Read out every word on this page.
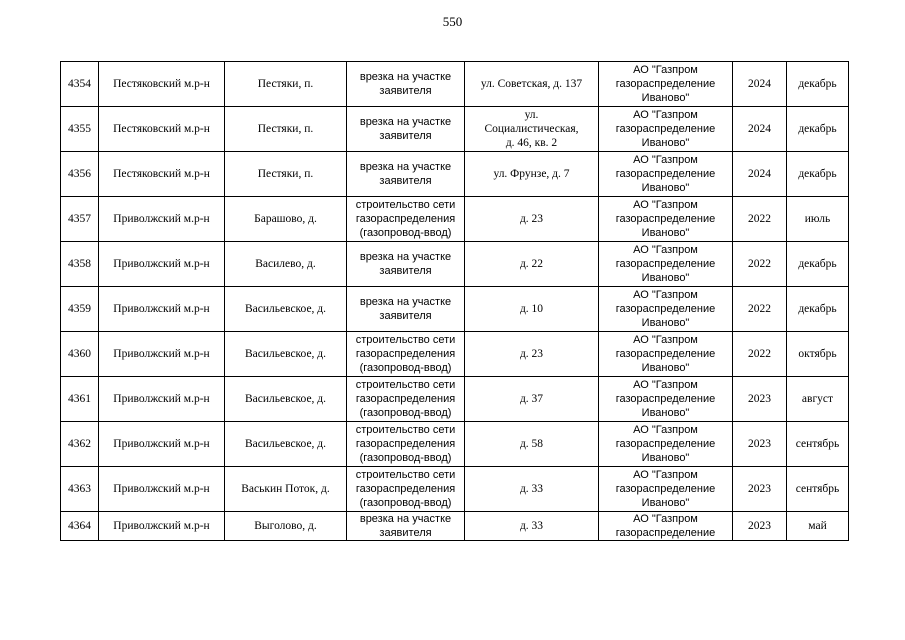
550
4354	Пестяковский м.р-н	Пестяки, п.	врезка на участке
заявителя	ул. Советская, д. 137	АО "Газпром
газораспределение
Иваново"	2024	декабрь
4355	Пестяковский м.р-н	Пестяки, п.	врезка на участке
заявителя	ул.
Социалистическая,
д. 46, кв. 2	АО "Газпром
газораспределение
Иваново"	2024	декабрь
4356	Пестяковский м.р-н	Пестяки, п.	врезка на участке
заявителя	ул. Фрунзе, д. 7	АО "Газпром
газораспределение
Иваново"	2024	декабрь
4357	Приволжский м.р-н	Барашово, д.	строительство сети
газораспределения
(газопровод-ввод)	д. 23	АО "Газпром
газораспределение
Иваново"	2022	июль
4358	Приволжский м.р-н	Василево, д.	врезка на участке
заявителя	д. 22	АО "Газпром
газораспределение
Иваново"	2022	декабрь
4359	Приволжский м.р-н	Васильевское, д.	врезка на участке
заявителя	д. 10	АО "Газпром
газораспределение
Иваново"	2022	декабрь
4360	Приволжский м.р-н	Васильевское, д.	строительство сети
газораспределения
(газопровод-ввод)	д. 23	АО "Газпром
газораспределение
Иваново"	2022	октябрь
4361	Приволжский м.р-н	Васильевское, д.	строительство сети
газораспределения
(газопровод-ввод)	д. 37	АО "Газпром
газораспределение
Иваново"	2023	август
4362	Приволжский м.р-н	Васильевское, д.	строительство сети
газораспределения
(газопровод-ввод)	д. 58	АО "Газпром
газораспределение
Иваново"	2023	сентябрь
4363	Приволжский м.р-н	Васькин Поток, д.	строительство сети
газораспределения
(газопровод-ввод)	д. 33	АО "Газпром
газораспределение
Иваново"	2023	сентябрь
4364	Приволжский м.р-н	Выголово, д.	врезка на участке
заявителя	д. 33	АО "Газпром
газораспределение	2023	май
